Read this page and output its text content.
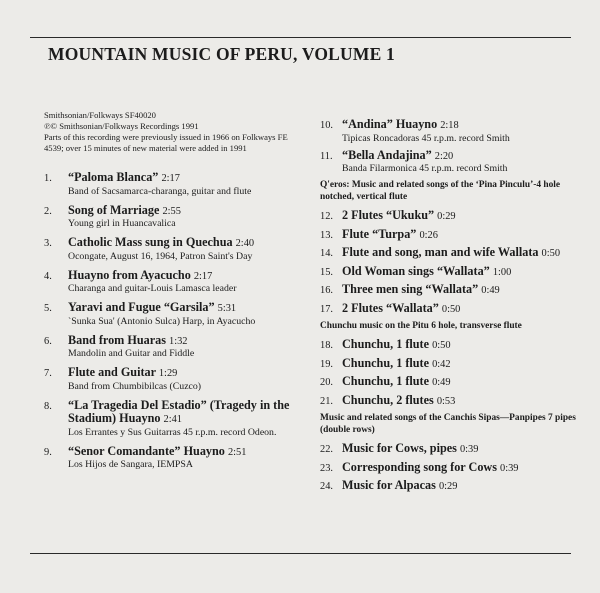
MOUNTAIN MUSIC OF PERU, VOLUME 1
Smithsonian/Folkways SF40020
℗© Smithsonian/Folkways Recordings 1991
Parts of this recording were previously issued in 1966 on Folkways FE 4539; over 15 minutes of new material were added in 1991
1.	“Paloma Blanca” 2:17
Band of Sacsamarca-charanga, guitar and flute
2.	Song of Marriage 2:55
Young girl in Huancavalica
3.	Catholic Mass sung in Quechua 2:40
Ocongate, August 16, 1964, Patron Saint's Day
4.	Huayno from Ayacucho 2:17
Charanga and guitar-Louis Lamasca leader
5.	Yaravi and Fugue “Garsila” 5:31
`Sunka Sua' (Antonio Sulca) Harp, in Ayacucho
6.	Band from Huaras 1:32
Mandolin and Guitar and Fiddle
7.	Flute and Guitar 1:29
Band from Chumbibilcas (Cuzco)
8.	“La Tragedia Del Estadio” (Tragedy in the Stadium) Huayno 2:41
Los Errantes y Sus Guitarras 45 r.p.m. record Odeon.
9.	“Senor Comandante” Huayno 2:51
Los Hijos de Sangara, IEMPSA
10. “Andina” Huayno 2:18
Tipicas Roncadoras 45 r.p.m. record Smith
11. “Bella Andajina” 2:20
Banda Filarmonica 45 r.p.m. record Smith
Q'eros: Music and related songs of the ‘Pina Pinculu’-4 hole notched, vertical flute
12. 2 Flutes “Ukuku” 0:29
13. Flute “Turpa” 0:26
14. Flute and song, man and wife Wallata 0:50
15. Old Woman sings “Wallata” 1:00
16. Three men sing “Wallata” 0:49
17. 2 Flutes “Wallata” 0:50
Chunchu music on the Pitu 6 hole, transverse flute
18. Chunchu, 1 flute 0:50
19. Chunchu, 1 flute 0:42
20. Chunchu, 1 flute 0:49
21. Chunchu, 2 flutes 0:53
Music and related songs of the Canchis Sipas—Panpipes 7 pipes (double rows)
22. Music for Cows, pipes 0:39
23. Corresponding song for Cows 0:39
24. Music for Alpacas 0:29
